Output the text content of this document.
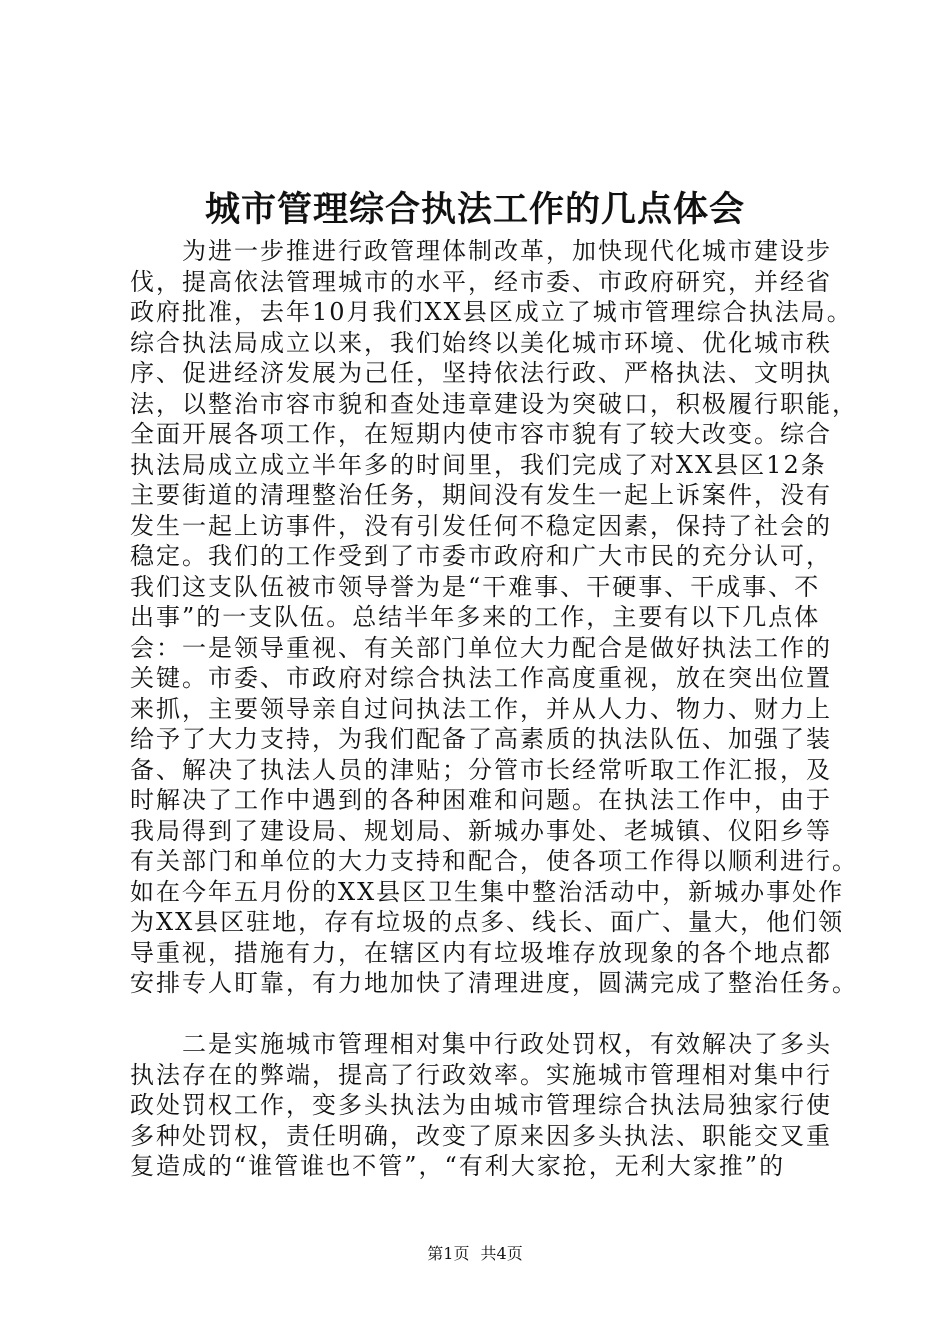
城市管理综合执法工作的几点体会
　　为进一步推进行政管理体制改革，加快现代化城市建设步
伐，提高依法管理城市的水平，经市委、市政府研究，并经省
政府批准，去年10月我们XX县区成立了城市管理综合执法局。
综合执法局成立以来，我们始终以美化城市环境、优化城市秩
序、促进经济发展为己任，坚持依法行政、严格执法、文明执
法，以整治市容市貌和查处违章建设为突破口，积极履行职能，
全面开展各项工作，在短期内使市容市貌有了较大改变。综合
执法局成立成立半年多的时间里，我们完成了对XX县区12条
主要街道的清理整治任务，期间没有发生一起上诉案件，没有
发生一起上访事件，没有引发任何不稳定因素，保持了社会的
稳定。我们的工作受到了市委市政府和广大市民的充分认可，
我们这支队伍被市领导誉为是“干难事、干硬事、干成事、不
出事”的一支队伍。总结半年多来的工作，主要有以下几点体
会：一是领导重视、有关部门单位大力配合是做好执法工作的
关键。市委、市政府对综合执法工作高度重视，放在突出位置
来抓，主要领导亲自过问执法工作，并从人力、物力、财力上
给予了大力支持，为我们配备了高素质的执法队伍、加强了装
备、解决了执法人员的津贴；分管市长经常听取工作汇报，及
时解决了工作中遇到的各种困难和问题。在执法工作中，由于
我局得到了建设局、规划局、新城办事处、老城镇、仪阳乡等
有关部门和单位的大力支持和配合，使各项工作得以顺利进行。
如在今年五月份的XX县区卫生集中整治活动中，新城办事处作
为XX县区驻地，存有垃圾的点多、线长、面广、量大，他们领
导重视，措施有力，在辖区内有垃圾堆存放现象的各个地点都
安排专人盯靠，有力地加快了清理进度，圆满完成了整治任务。
　　二是实施城市管理相对集中行政处罚权，有效解决了多头
执法存在的弊端，提高了行政效率。实施城市管理相对集中行
政处罚权工作，变多头执法为由城市管理综合执法局独家行使
多种处罚权，责任明确，改变了原来因多头执法、职能交叉重
复造成的“谁管谁也不管”，“有利大家抢，无利大家推”的
第1页 共4页
